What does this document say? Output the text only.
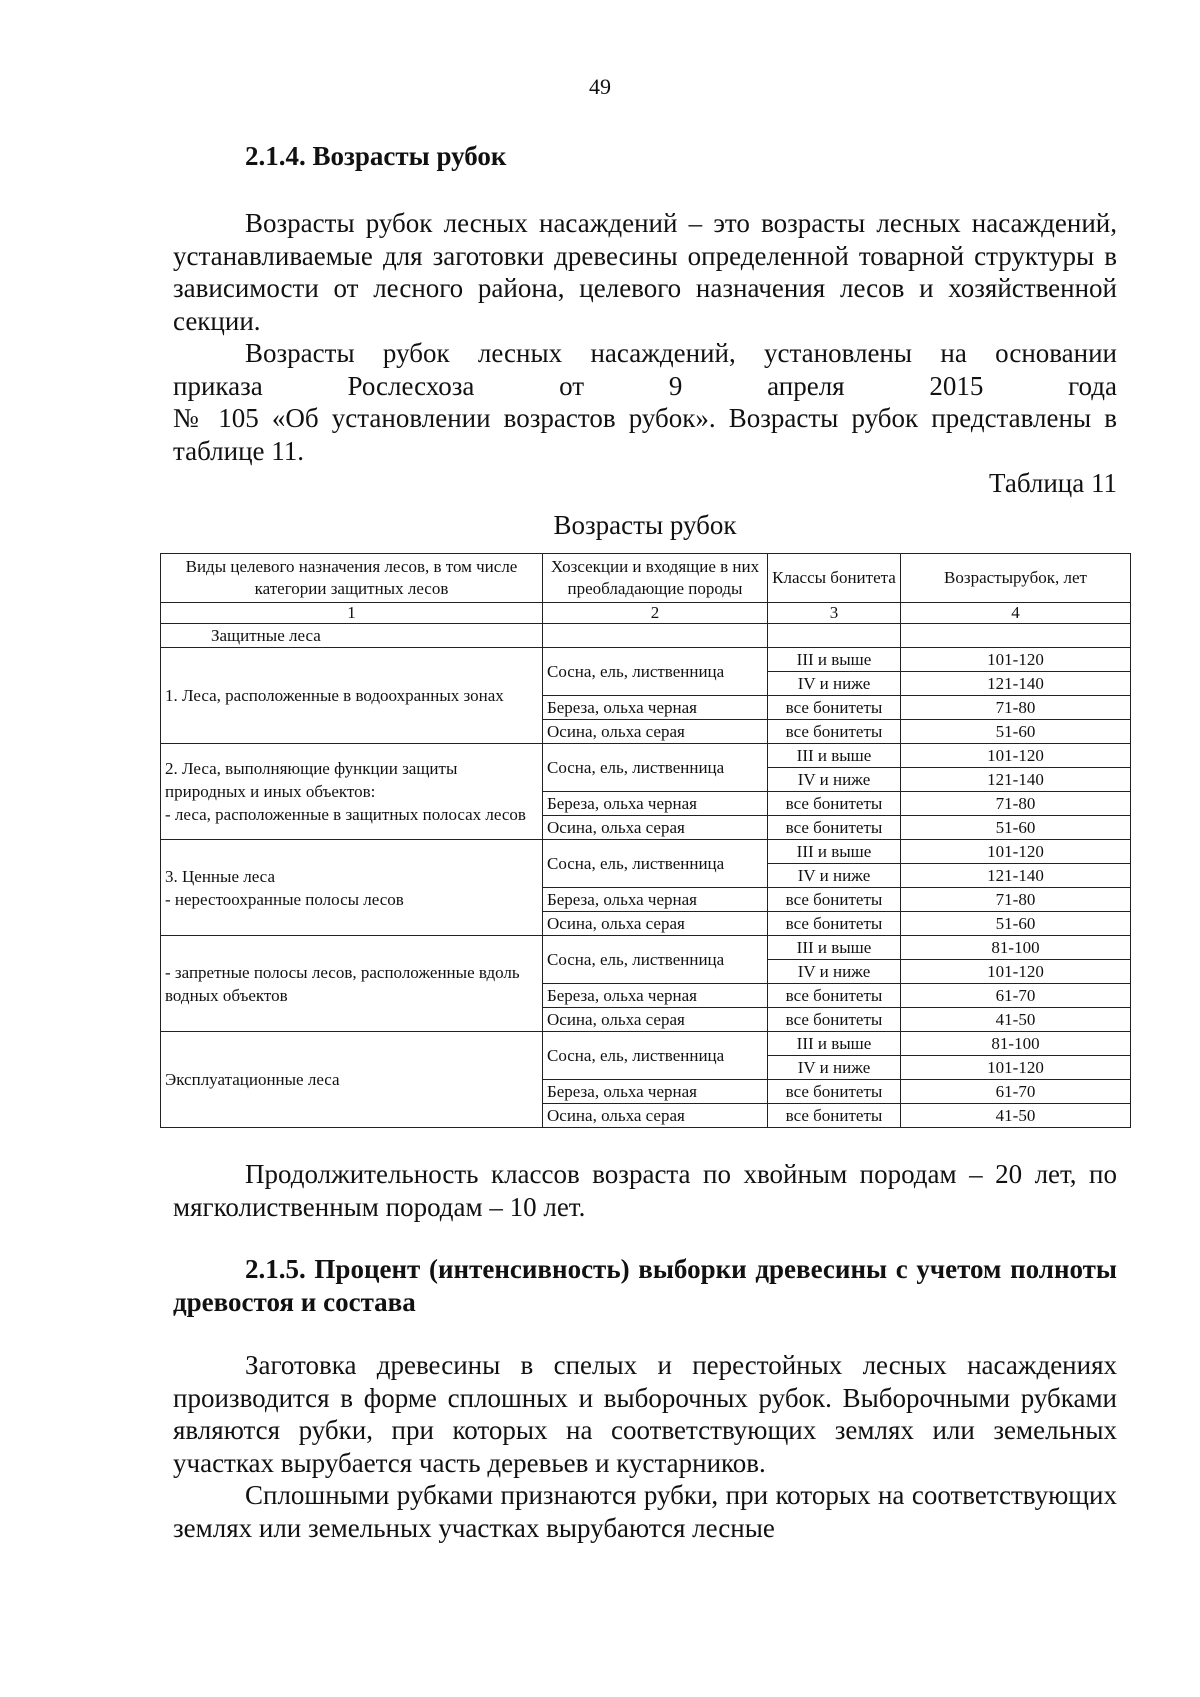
49

2.1.4. Возрасты рубок

Возрасты рубок лесных насаждений – это возрасты лесных насаждений, устанавливаемые для заготовки древесины определенной товарной структуры в зависимости от лесного района, целевого назначения лесов и хозяйственной секции.

Возрасты рубок лесных насаждений, установлены на основании

приказа Рослесхоза от 9 апреля 2015 года

№ 105 «Об установлении возрастов рубок». Возрасты рубок представлены в таблице 11.

Таблица 11

Возрасты рубок

Виды целевого назначения лесов, в том числе категории защитных лесов	Хозсекции и входящие в них преобладающие породы	Классы бонитета	Возрастырубок, лет
1	2	3	4
Защитные леса			
1. Леса, расположенные в водоохранных зонах	Сосна, ель, лиственница	III и выше	101-120
		IV и ниже	121-140
	Береза, ольха черная	все бонитеты	71-80
	Осина, ольха серая	все бонитеты	51-60
2. Леса, выполняющие функции защиты природных и иных объектов:
- леса, расположенные в защитных полосах лесов	Сосна, ель, лиственница	III и выше	101-120
		IV и ниже	121-140
	Береза, ольха черная	все бонитеты	71-80
	Осина, ольха серая	все бонитеты	51-60
3. Ценные леса
- нерестоохранные полосы лесов	Сосна, ель, лиственница	III и выше	101-120
		IV и ниже	121-140
	Береза, ольха черная	все бонитеты	71-80
	Осина, ольха серая	все бонитеты	51-60
- запретные полосы лесов, расположенные вдоль водных объектов	Сосна, ель, лиственница	III и выше	81-100
		IV и ниже	101-120
	Береза, ольха черная	все бонитеты	61-70
	Осина, ольха серая	все бонитеты	41-50
Эксплуатационные леса	Сосна, ель, лиственница	III и выше	81-100
		IV и ниже	101-120
	Береза, ольха черная	все бонитеты	61-70
	Осина, ольха серая	все бонитеты	41-50

Продолжительность классов возраста по хвойным породам – 20 лет, по мягколиственным породам – 10 лет.

2.1.5. Процент (интенсивность) выборки древесины с учетом полноты древостоя и состава

Заготовка древесины в спелых и перестойных лесных насаждениях производится в форме сплошных и выборочных рубок. Выборочными рубками являются рубки, при которых на соответствующих землях или земельных участках вырубается часть деревьев и кустарников.

Сплошными рубками признаются рубки, при которых на соответствующих землях или земельных участках вырубаются лесные
